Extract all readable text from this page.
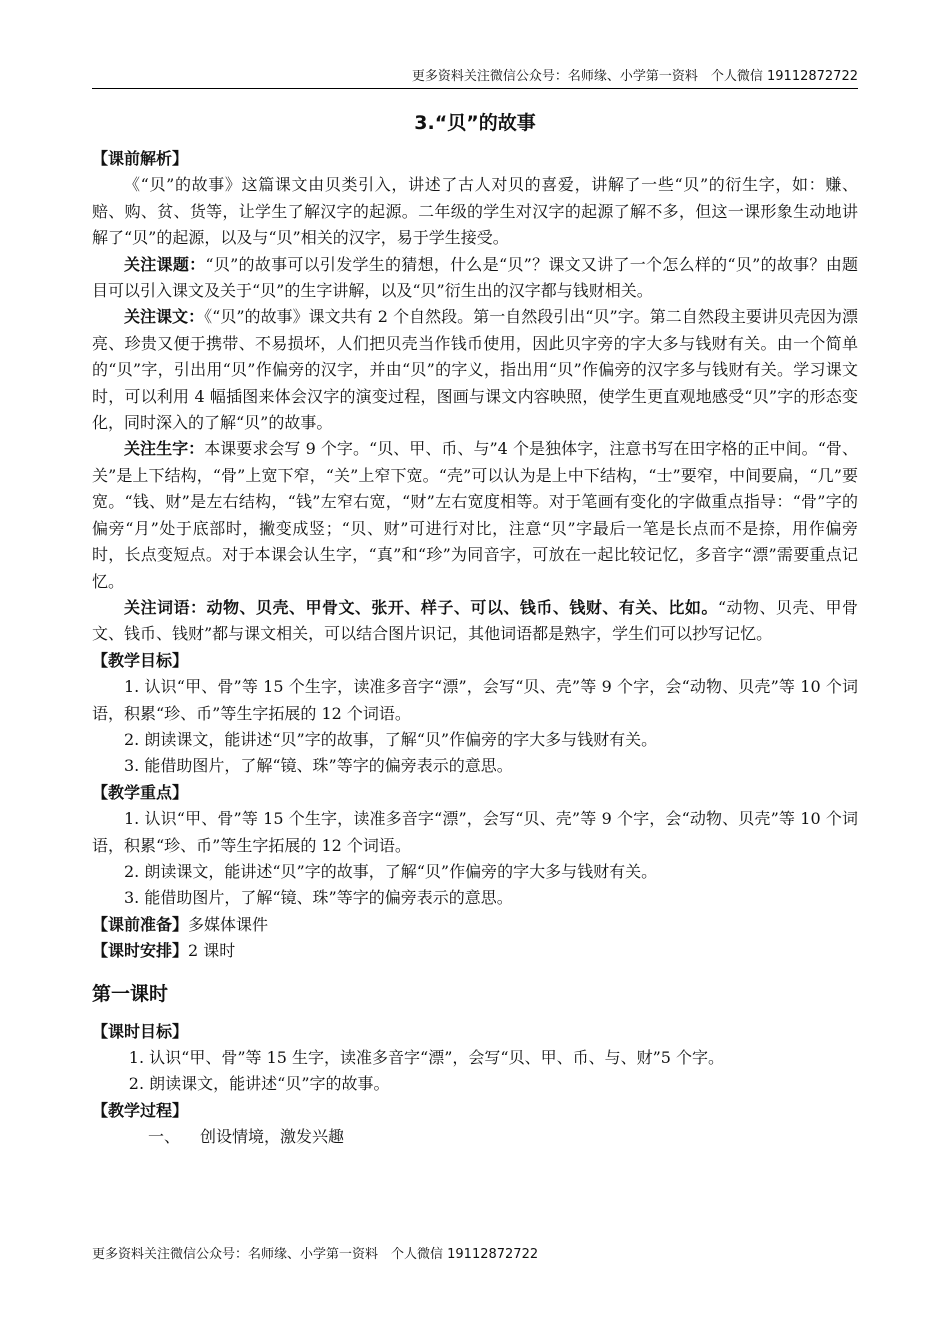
更多资料关注微信公众号：名师缘、小学第一资料　个人微信 19112872722
3.“贝”的故事

【课前解析】

《“贝”的故事》这篇课文由贝类引入，讲述了古人对贝的喜爱，讲解了一些“贝”的衍生字，如：赚、赔、购、贫、货等，让学生了解汉字的起源。二年级的学生对汉字的起源了解不多，但这一课形象生动地讲解了“贝”的起源，以及与“贝”相关的汉字，易于学生接受。

关注课题：“贝”的故事可以引发学生的猜想，什么是“贝”？课文又讲了一个怎么样的“贝”的故事？由题目可以引入课文及关于“贝”的生字讲解，以及“贝”衍生出的汉字都与钱财相关。

关注课文：《“贝”的故事》课文共有 2 个自然段。第一自然段引出“贝”字。第二自然段主要讲贝壳因为漂亮、珍贵又便于携带、不易损坏，人们把贝壳当作钱币使用，因此贝字旁的字大多与钱财有关。由一个简单的“贝”字，引出用“贝”作偏旁的汉字，并由“贝”的字义，指出用“贝”作偏旁的汉字多与钱财有关。学习课文时，可以利用 4 幅插图来体会汉字的演变过程，图画与课文内容映照，使学生更直观地感受“贝”字的形态变化，同时深入的了解“贝”的故事。

关注生字：本课要求会写 9 个字。“贝、甲、币、与”4 个是独体字，注意书写在田字格的正中间。“骨、关”是上下结构，“骨”上宽下窄，“关”上窄下宽。“壳”可以认为是上中下结构，“士”要窄，中间要扁，“几”要宽。“钱、财”是左右结构，“钱”左窄右宽，“财”左右宽度相等。对于笔画有变化的字做重点指导：“骨”字的偏旁“月”处于底部时，撇变成竖；“贝、财”可进行对比，注意“贝”字最后一笔是长点而不是捺，用作偏旁时，长点变短点。对于本课会认生字，“真”和“珍”为同音字，可放在一起比较记忆，多音字“漂”需要重点记忆。

关注词语：动物、贝壳、甲骨文、张开、样子、可以、钱币、钱财、有关、比如。“动物、贝壳、甲骨文、钱币、钱财”都与课文相关，可以结合图片识记，其他词语都是熟字，学生们可以抄写记忆。

【教学目标】

1. 认识“甲、骨”等 15 个生字，读准多音字“漂”，会写“贝、壳”等 9 个字，会“动物、贝壳”等 10 个词语，积累“珍、币”等生字拓展的 12 个词语。

2. 朗读课文，能讲述“贝”字的故事，了解“贝”作偏旁的字大多与钱财有关。

3. 能借助图片，了解“镜、珠”等字的偏旁表示的意思。

【教学重点】

1. 认识“甲、骨”等 15 个生字，读准多音字“漂”，会写“贝、壳”等 9 个字，会“动物、贝壳”等 10 个词语，积累“珍、币”等生字拓展的 12 个词语。

2. 朗读课文，能讲述“贝”字的故事，了解“贝”作偏旁的字大多与钱财有关。

3. 能借助图片，了解“镜、珠”等字的偏旁表示的意思。

【课前准备】多媒体课件

【课时安排】2 课时

第一课时

【课时目标】

1. 认识“甲、骨”等 15 生字，读准多音字“漂”，会写“贝、甲、币、与、财”5 个字。

2. 朗读课文，能讲述“贝”字的故事。

【教学过程】

一、 创设情境，激发兴趣

更多资料关注微信公众号：名师缘、小学第一资料　个人微信 19112872722
